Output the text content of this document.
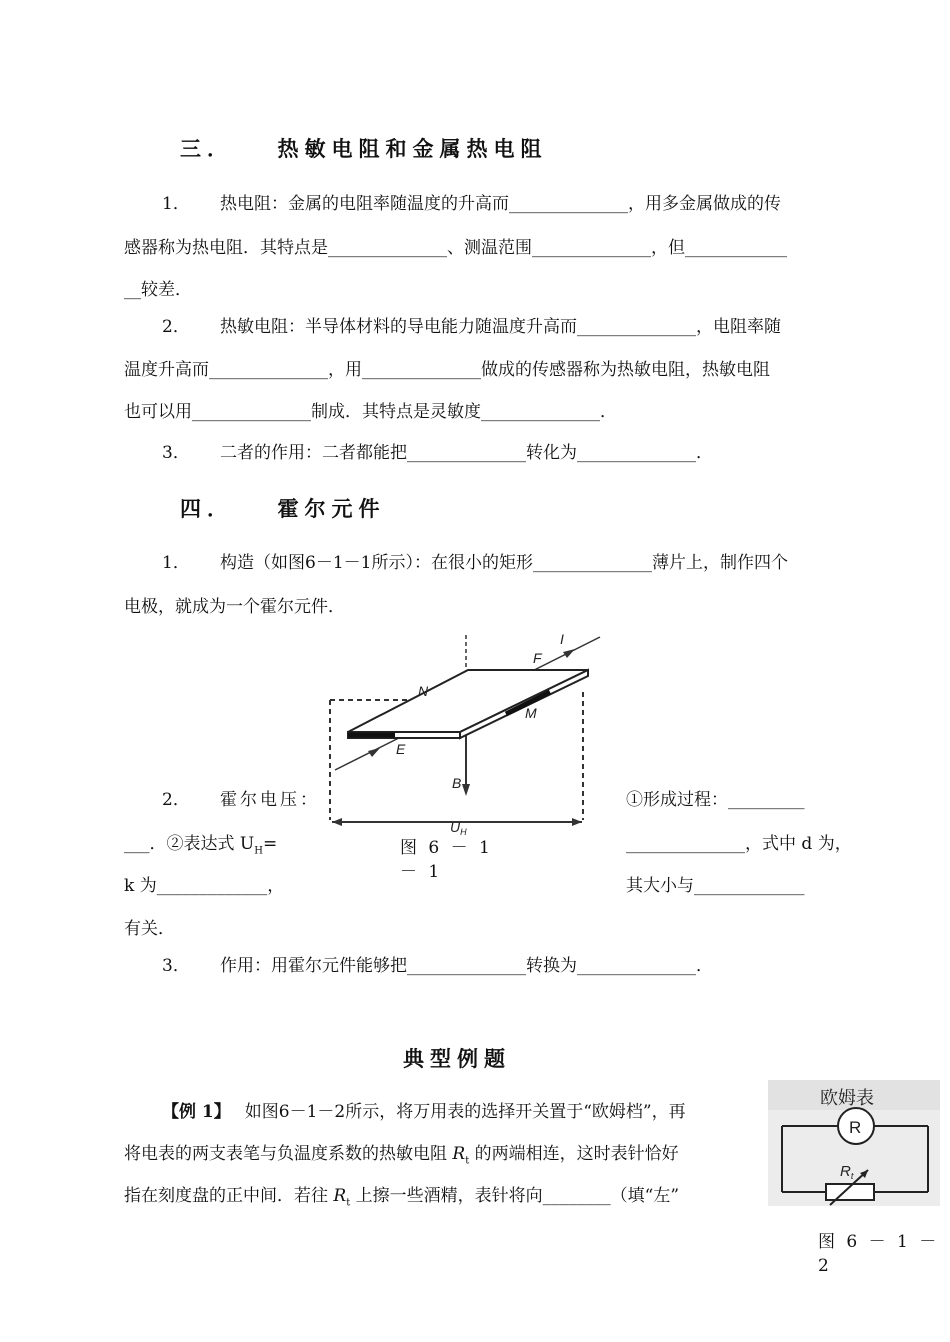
三．　　热敏电阻和金属热电阻
1． 热电阻：金属的电阻率随温度的升高而______________，用多金属做成的传
感器称为热电阻．其特点是______________、测温范围______________，但____________
__较差．
2． 热敏电阻：半导体材料的导电能力随温度升高而______________，电阻率随
温度升高而______________，用______________做成的传感器称为热敏电阻，热敏电阻
也可以用______________制成．其特点是灵敏度______________．
3． 二者的作用：二者都能把______________转化为______________．
四．　　霍尔元件
1． 构造（如图6－1－1所示）：在很小的矩形______________薄片上，制作四个
电极，就成为一个霍尔元件．
I
F
N
M
E
B
$U_H$
图 6 － 1
－ 1
2． 霍尔电压：	①形成过程：_________
___．②表达式 $U_H=$	______________，式中 d 为，
k 为_____________，	其大小与_____________
有关．
3． 作用：用霍尔元件能够把______________转换为______________．
典型例题
【例 1】 如图6－1－2所示，将万用表的选择开关置于“欧姆档”，再
将电表的两支表笔与负温度系数的热敏电阻 $R_t$ 的两端相连，这时表针恰好
指在刻度盘的正中间．若往 $R_t$ 上擦一些酒精，表针将向________（填“左”
欧姆表
R
$R_t$
图 6 － 1 －
2
